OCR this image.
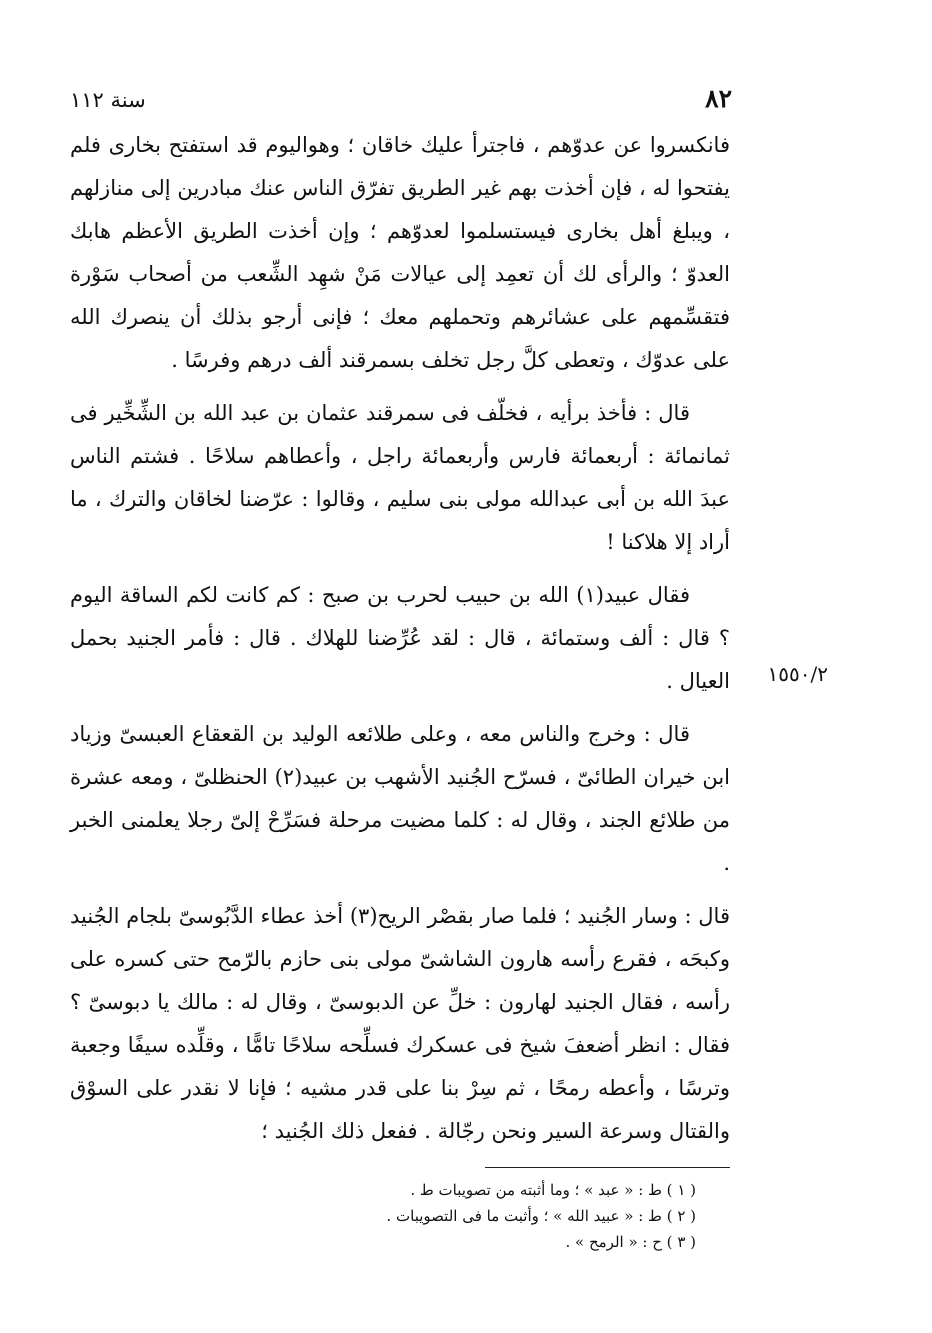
٨٢
سنة ١١٢

فانكسروا عن عدوّهم ، فاجترأ عليك خاقان ؛ وهواليوم قد استفتح بخارى فلم يفتحوا له ، فإن أخذت بهم غير الطريق تفرّق الناس عنك مبادرين إلى منازلهم ، ويبلغ أهل بخارى فيستسلموا لعدوّهم ؛ وإن أخذت الطريق الأعظم هابك العدوّ ؛ والرأى لك أن تعمِد إلى عيالات مَنْ شهِد الشِّعب من أصحاب سَوْرة فتقسِّمهم على عشائرهم وتحملهم معك ؛ فإنى أرجو بذلك أن ينصرك الله على عدوّك ، وتعطى كلَّ رجل تخلف بسمرقند ألف درهم وفرسًا .

قال : فأخذ برأيه ، فخلّف فى سمرقند عثمان بن عبد الله بن الشِّخِّير فى ثمانمائة : أربعمائة فارس وأربعمائة راجل ، وأعطاهم سلاحًا . فشتم الناس عبدَ الله بن أبى عبدالله مولى بنى سليم ، وقالوا : عرّضنا لخاقان والترك ، ما أراد إلا هلاكنا !

فقال عبيد(١) الله بن حبيب لحرب بن صبح : كم كانت لكم الساقة اليوم ؟ قال : ألف وستمائة ، قال : لقد عُرِّضنا للهلاك . قال : فأمر الجنيد بحمل العيال .

قال : وخرج والناس معه ، وعلى طلائعه الوليد بن القعقاع العبسىّ وزياد ابن خيران الطائىّ ، فسرّح الجُنيد الأشهب بن عبيد(٢) الحنظلىّ ، ومعه عشرة من طلائع الجند ، وقال له : كلما مضيت مرحلة فسَرِّحْ إلىّ رجلا يعلمنى الخبر .

قال : وسار الجُنيد ؛ فلما صار بقصْر الريح(٣) أخذ عطاء الدَّبُوسىّ بلجام الجُنيد وكبحَه ، فقرع رأسه هارون الشاشىّ مولى بنى حازم بالرّمح حتى كسره على رأسه ، فقال الجنيد لهارون : خلِّ عن الدبوسىّ ، وقال له : مالك يا دبوسىّ ؟ فقال : انظر أضعفَ شيخ فى عسكرك فسلِّحه سلاحًا تامًّا ، وقلِّده سيفًا وجعبة وترسًا ، وأعطه رمحًا ، ثم سِرْ بنا على قدر مشيه ؛ فإنا لا نقدر على السوْق والقتال وسرعة السير ونحن رجّالة . ففعل ذلك الجُنيد ؛

١٥٥٠/٢
( ١ ) ط : « عبد » ؛ وما أثبته من تصويبات ط .
( ٢ ) ط : « عبيد الله » ؛ وأثبت ما فى التصويبات .
( ٣ ) ح : « الرمح » .
